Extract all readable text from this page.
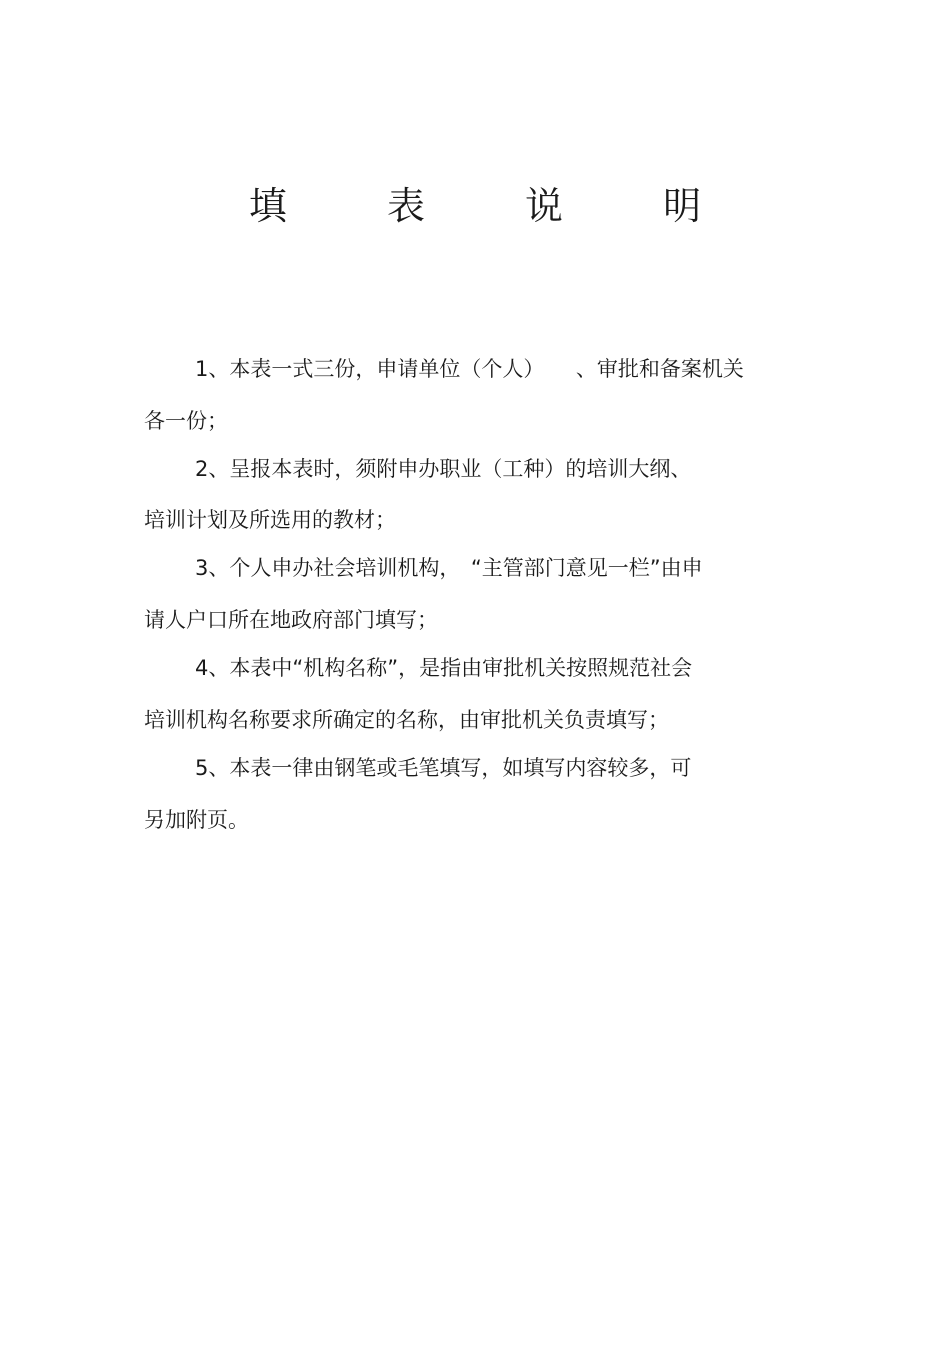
填 表 说 明
1、本表一式三份，申请单位（个人）　　、审批和备案机关
各一份；
2、呈报本表时，须附申办职业（工种）的培训大纲、
培训计划及所选用的教材；
3、个人申办社会培训机构，　“主管部门意见一栏”由申
请人户口所在地政府部门填写；
4、本表中“机构名称”，是指由审批机关按照规范社会
培训机构名称要求所确定的名称，由审批机关负责填写；
5、本表一律由钢笔或毛笔填写，如填写内容较多，可
另加附页。
